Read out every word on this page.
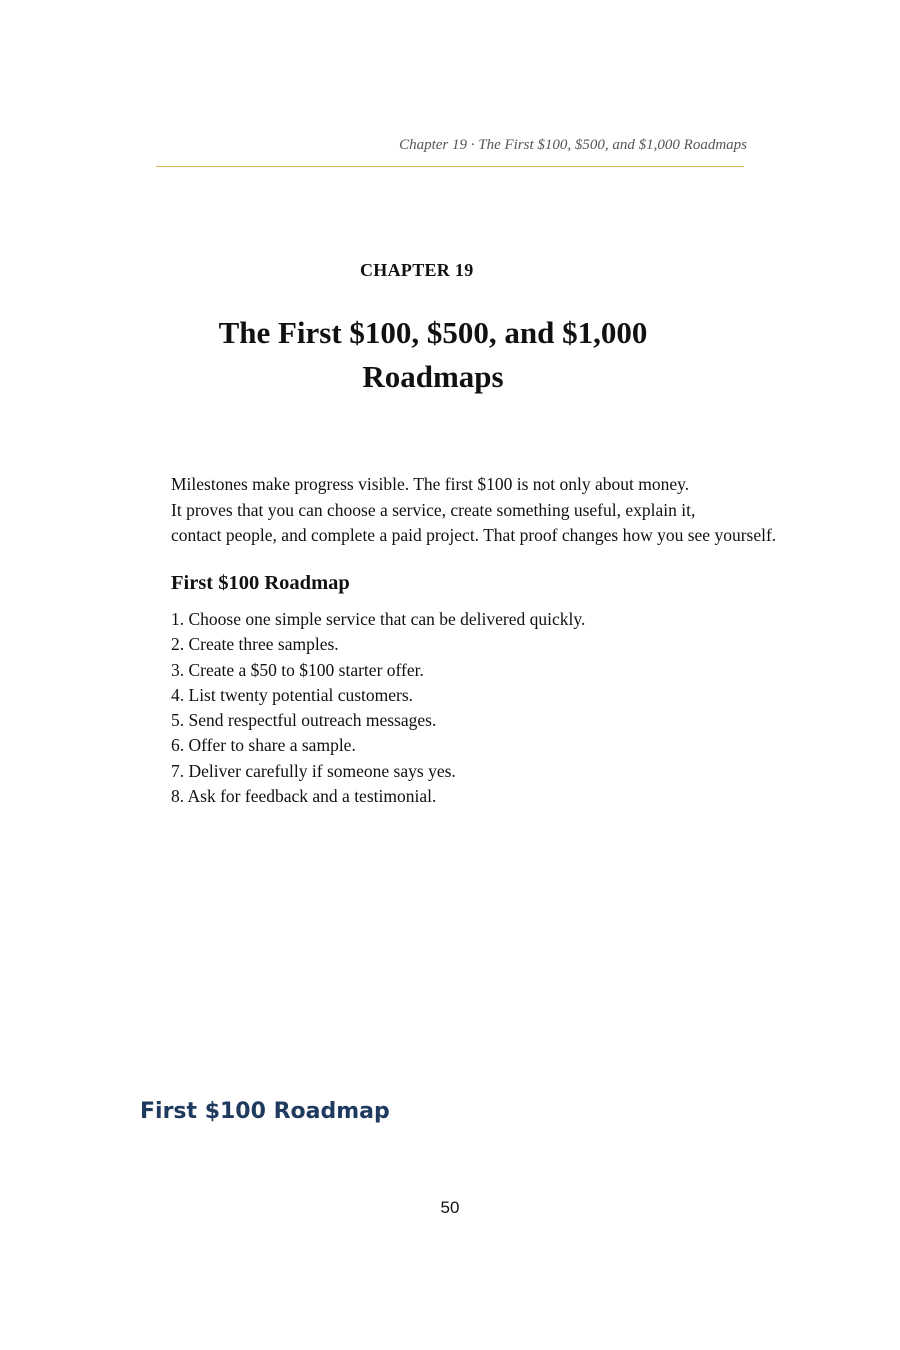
Chapter 19 · The First $100, $500, and $1,000 Roadmaps
CHAPTER 19
The First $100, $500, and $1,000
Roadmaps

Milestones make progress visible. The first $100 is not only about money.
It proves that you can choose a service, create something useful, explain it,
contact people, and complete a paid project. That proof changes how you see yourself.

First $100 Roadmap
1. Choose one simple service that can be delivered quickly.
2. Create three samples.
3. Create a $50 to $100 starter offer.
4. List twenty potential customers.
5. Send respectful outreach messages.
6. Offer to share a sample.
7. Deliver carefully if someone says yes.
8. Ask for feedback and a testimonial.
First $100 Roadmap
50
